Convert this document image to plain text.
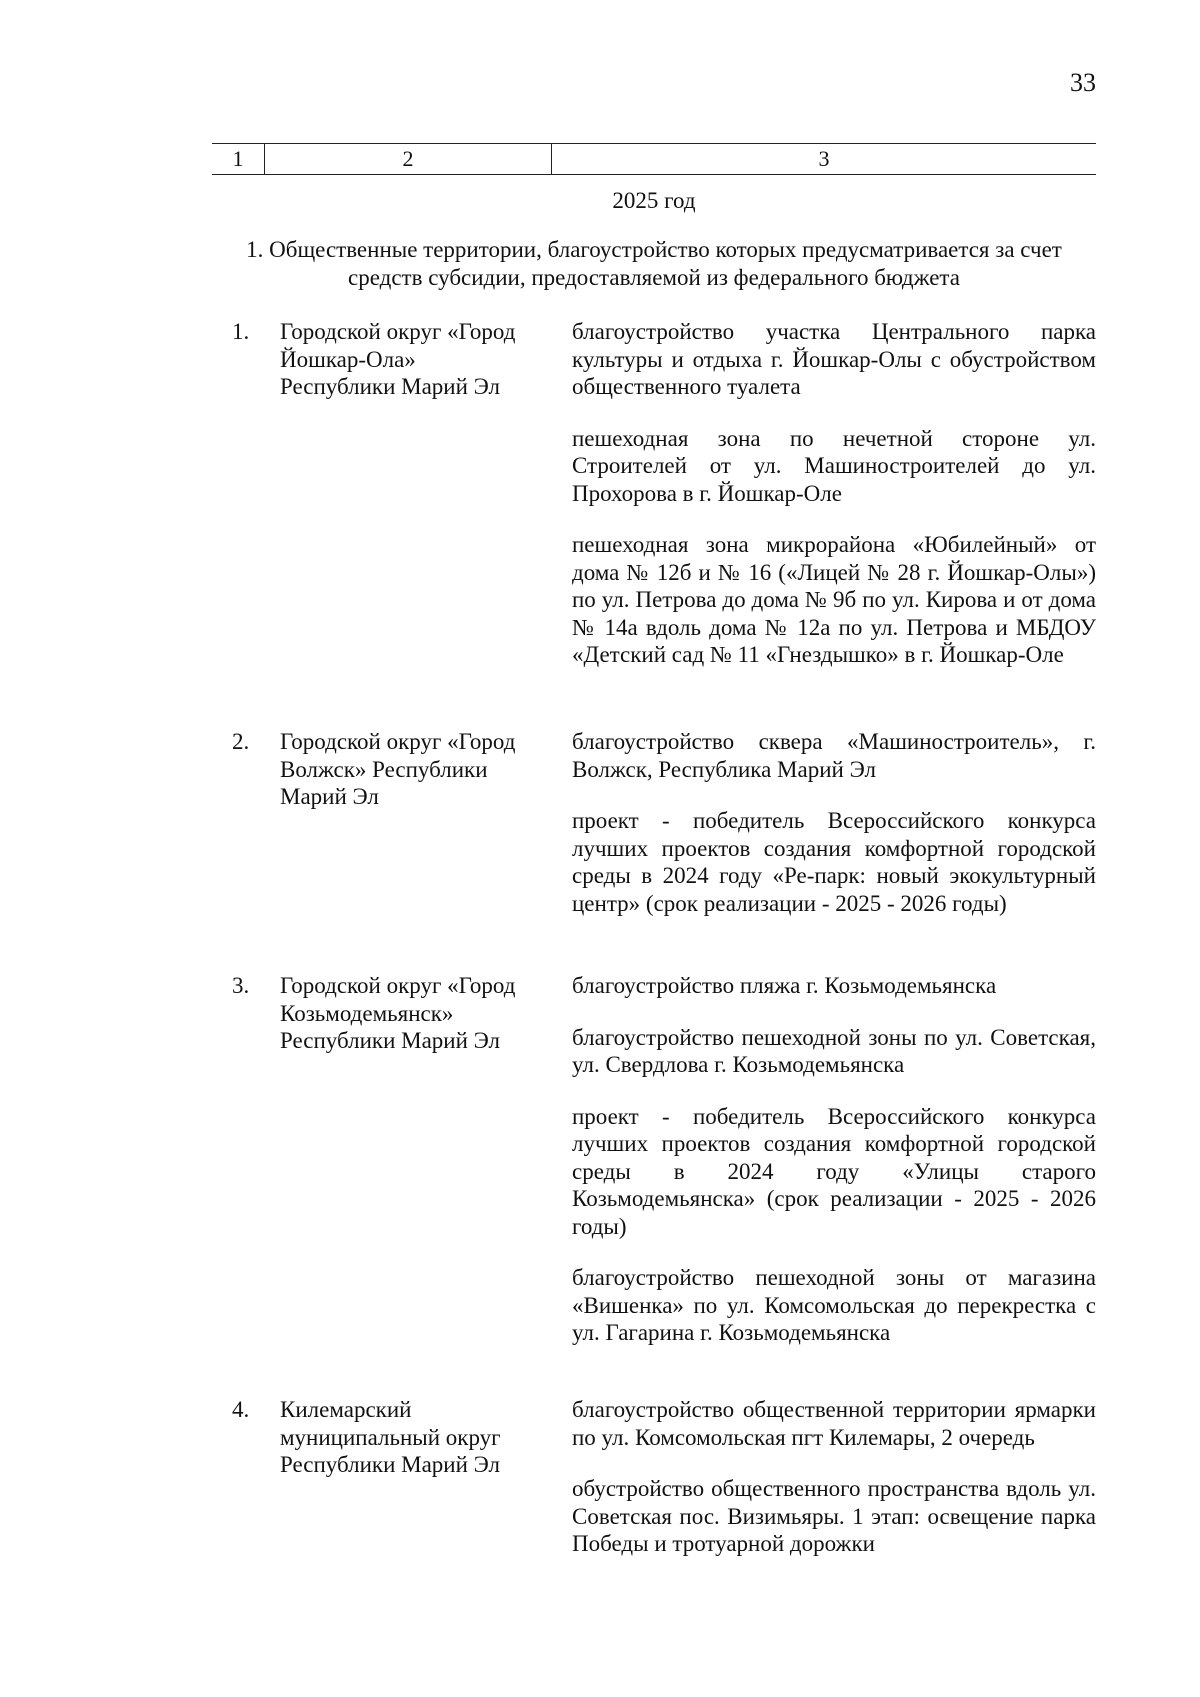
33
1	2	3
2025 год
1. Общественные территории, благоустройство которых предусматривается за счет
средств субсидии, предоставляемой из федерального бюджета
1. Городской округ «Город Йошкар-Ола» Республики Марий Эл
благоустройство участка Центрального парка культуры и отдыха г. Йошкар-Олы с обустройством общественного туалета
пешеходная зона по нечетной стороне ул. Строителей от ул. Машиностроителей до ул. Прохорова в г. Йошкар-Оле
пешеходная зона микрорайона «Юбилейный» от дома № 12б и № 16 («Лицей № 28 г. Йошкар-Олы») по ул. Петрова до дома № 9б по ул. Кирова и от дома № 14а вдоль дома № 12а по ул. Петрова и МБДОУ «Детский сад № 11 «Гнездышко» в г. Йошкар-Оле
2. Городской округ «Город Волжск» Республики Марий Эл
благоустройство сквера «Машиностроитель», г. Волжск, Республика Марий Эл
проект - победитель Всероссийского конкурса лучших проектов создания комфортной городской среды в 2024 году «Ре-парк: новый экокультурный центр» (срок реализации - 2025 - 2026 годы)
3. Городской округ «Город Козьмодемьянск» Республики Марий Эл
благоустройство пляжа г. Козьмодемьянска
благоустройство пешеходной зоны по ул. Советская, ул. Свердлова г. Козьмодемьянска
проект - победитель Всероссийского конкурса лучших проектов создания комфортной городской среды в 2024 году «Улицы старого Козьмодемьянска» (срок реализации - 2025 - 2026 годы)
благоустройство пешеходной зоны от магазина «Вишенка» по ул. Комсомольская до перекрестка с ул. Гагарина г. Козьмодемьянска
4. Килемарский муниципальный округ Республики Марий Эл
благоустройство общественной территории ярмарки по ул. Комсомольская пгт Килемары, 2 очередь
обустройство общественного пространства вдоль ул. Советская пос. Визимьяры. 1 этап: освещение парка Победы и тротуарной дорожки
